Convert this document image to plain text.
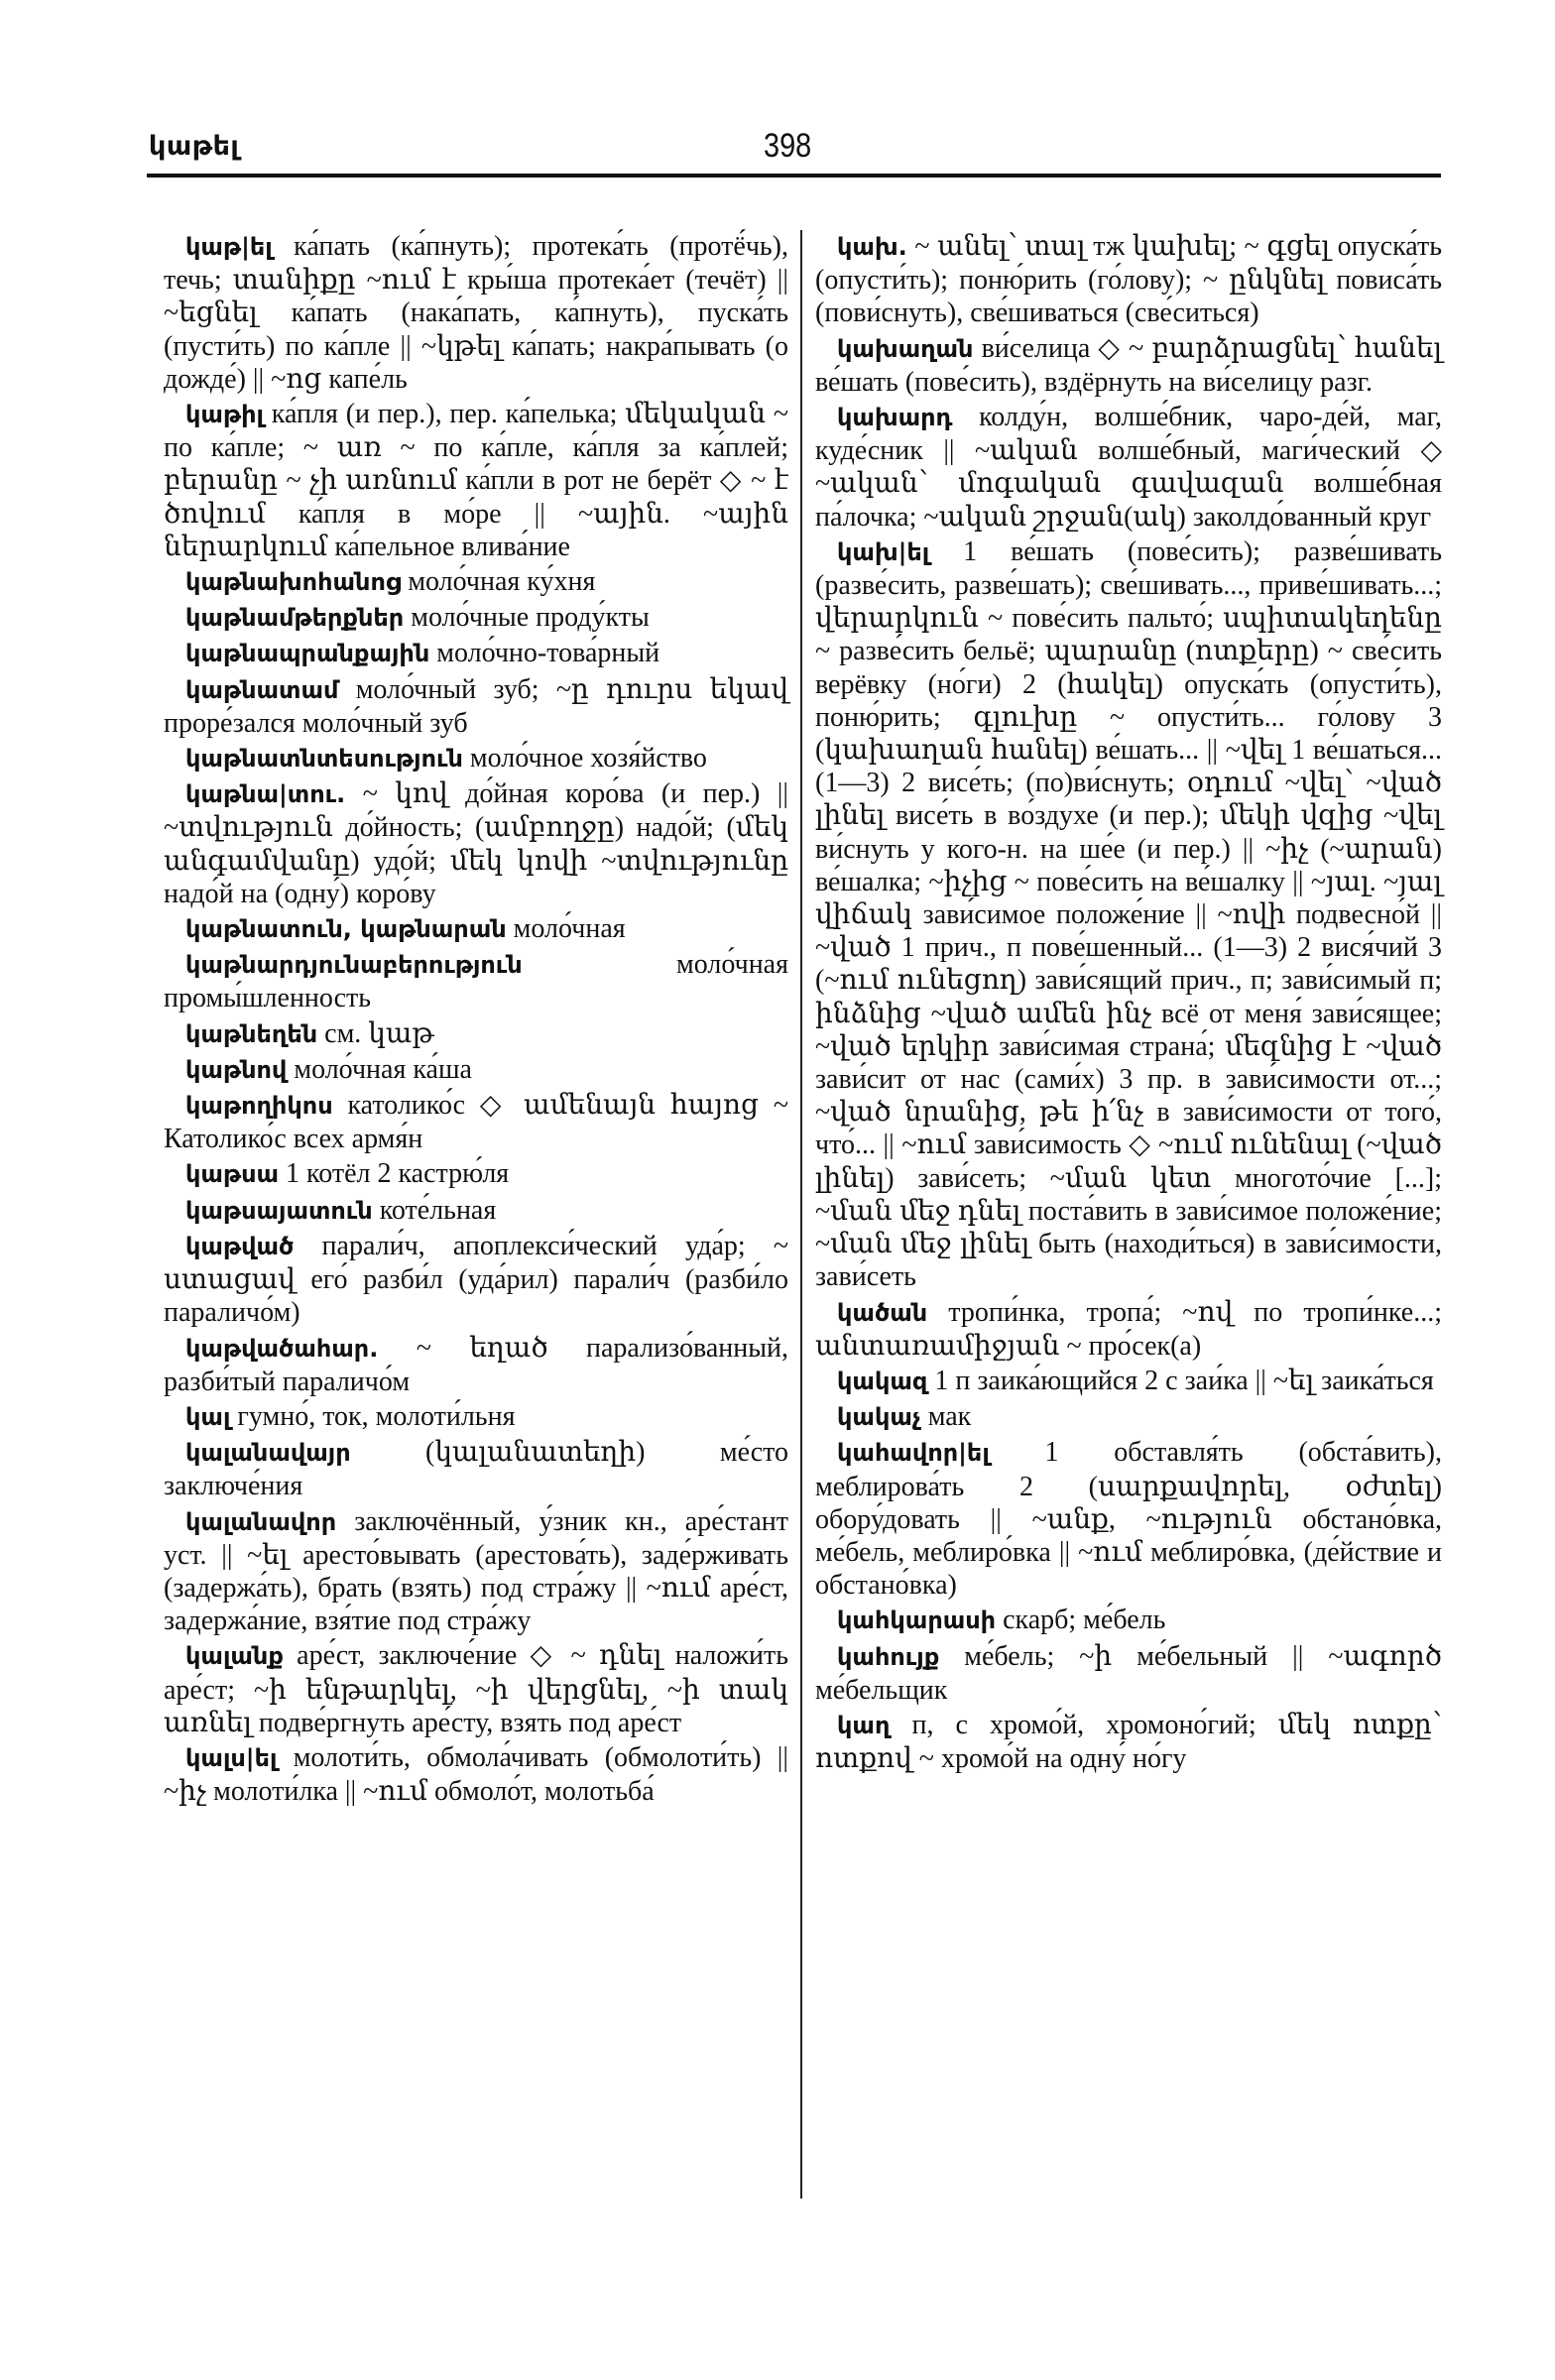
կաթել	398

կաթ|ել ка́пать (ка́пнуть); протека́ть (протё́чь), течь; տանիքը ~ում է кры́ша протека́ет (течёт) || ~եցնել ка́пать (нака́пать, ка́пнуть), пуска́ть (пусти́ть) по ка́пле || ~կթել ка́пать; накра́пывать (о дожде́) || ~ոց капе́ль

կաթիլ ка́пля (и пер.), пер. ка́пелька; մեկական ~ по ка́пле; ~ առ ~ по ка́пле, ка́пля за ка́плей; բերանը ~ չի առնում ка́пли в рот не берёт ◇ ~ է ծովում ка́пля в мо́ре || ~ային. ~ային ներարկում ка́пельное влива́ние

կաթնախոհանոց моло́чная ку́хня

կաթնամթերքներ моло́чные проду́кты

կաթնապրանքային моло́чно-това́рный

կաթնատամ моло́чный зуб; ~ը դուրս եկավ проре́зался моло́чный зуб

կաթնատնտեսություն моло́чное хозя́йство

կաթնա|տու. ~ կով до́йная коро́ва (и пер.) || ~տվություն до́йность; (ամբողջը) надо́й; (մեկ անգամվանը) удо́й; մեկ կովի ~տվությունը надо́й на (одну́) коро́ву

կաթնատուն, կաթնարան моло́чная

կաթնարդյունաբերություն	моло́чная промы́шленность

կաթնեղեն см. կաթ

կաթնով моло́чная ка́ша

կաթողիկոս католико́с ◇ ամենայն հայոց ~ Католико́с всех армя́н

կաթսա 1 котёл 2 кастрю́ля

կաթսայատուն коте́льная

կաթված парали́ч, апоплекси́ческий уда́р; ~ ստացավ его́ разби́л (уда́рил) парали́ч (разби́ло параличо́м)

կաթվածահար. ~ եղած парализо́ванный, разби́тый параличо́м

կալ гумно́, ток, молоти́льня

կալանավայր	(կալանատեղի) ме́сто заключе́ния

կալանավոր заключённый, у́зник кн., аре́стант уст. || ~ել аресто́вывать (арестова́ть), заде́рживать (задержа́ть), брать (взять) под стра́жу || ~ում аре́ст, задержа́ние, взя́тие под стра́жу

կալանք аре́ст, заключе́ние ◇ ~ դնել наложи́ть аре́ст; ~ի ենթարկել, ~ի վերցնել, ~ի տակ առնել подве́ргнуть аре́сту, взять под аре́ст

կալս|ել молоти́ть, обмола́чивать (обмолоти́ть) || ~իչ молоти́лка || ~ում обмоло́т, молотьба́

կախ. ~ անել՝ տալ тж կախել; ~ գցել опуска́ть (опусти́ть); поню́рить (го́лову); ~ ընկնել повиса́ть (пови́снуть), све́шиваться (све́ситься)

կախաղան ви́селица ◇ ~ բարձրացնել՝ հանել ве́шать (пове́сить), вздёрнуть на ви́селицу разг.

կախարդ колду́н, волше́бник, чаро-де́й, маг, куде́сник || ~ական волше́бный, маги́ческий ◇ ~ական՝ մոգական գավազան волше́бная па́лочка; ~ական շրջան(ակ) заколдо́ванный круг

կախ|ել 1 ве́шать (пове́сить); разве́шивать (разве́сить, разве́шать); све́шивать..., приве́шивать...; վերարկուն ~ пове́сить пальто́; սպիտակեղենը ~ разве́сить бельё; պարանը (ոտքերը) ~ све́сить верёвку (но́ги) 2 (հակել) опуска́ть (опусти́ть), поню́рить; գլուխը ~ опусти́ть... го́лову 3 (կախաղան հանել) ве́шать... || ~վել 1 ве́шаться... (1—3) 2 висе́ть; (по)ви́снуть; օդում ~վել՝ ~ված լինել висе́ть в во́здухе (и пер.); մեկի վզից ~վել ви́снуть у кого-н. на ше́е (и пер.) || ~իչ (~արան) ве́шалка; ~իչից ~ пове́сить на ве́шалку || ~յալ. ~յալ վիճակ зави́симое положе́ние || ~ովի подвесно́й || ~ված 1 прич., п пове́шенный... (1—3) 2 вися́чий 3 (~ում ունեցող) зави́сящий прич., п; зави́симый п; ինձնից ~ված ամեն ինչ всё от меня́ зави́сящее; ~ված երկիր зави́симая страна́; մեզնից է ~ված зави́сит от нас (сами́х) 3 пр. в зави́симости от...; ~ված նրանից, թե ի՛նչ в зави́симости от того́, что́... || ~ում зави́симость ◇ ~ում ունենալ (~ված լինել) зави́сеть; ~ման կետ многото́чие [...]; ~ման մեջ դնել поста́вить в зави́симое положе́ние; ~ման մեջ լինել быть (находи́ться) в зави́симости, зави́сеть

կածան тропи́нка, тропа́; ~ով по тропи́нке...; անտառամիջյան ~ про́сек(а)

կակազ 1 п заика́ющийся 2 с заи́ка || ~ել заика́ться

կակաչ мак

կահավոր|ել 1 обставля́ть (обста́вить), меблирова́ть 2 (սարքավորել, օժտել) обору́довать || ~անք, ~ություն обстано́вка, ме́бель, меблиро́вка || ~ում меблиро́вка, (де́йствие и обстано́вка)

կահկարասի скарб; ме́бель

կահույք ме́бель; ~ի ме́бельный || ~ագործ ме́бельщик

կաղ п, с хромо́й, хромоно́гий; մեկ ոտքը՝ ոտքով ~ хромо́й на одну́ но́гу
